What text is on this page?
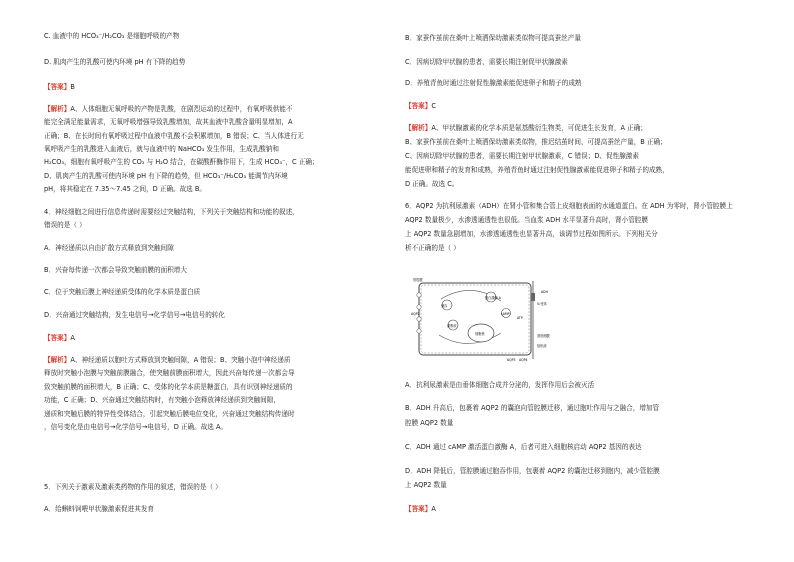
C. 血液中的 HCO₃⁻/H₂CO₃ 是细胞呼吸的产物

D. 肌肉产生的乳酸可使内环境 pH 有下降的趋势

【答案】B

【解析】A、人体细胞无氧呼吸的产物是乳酸，在剧烈运动的过程中，有氧呼吸供能不

能完全满足能量需求，无氧呼吸增强导致乳酸增加，故其血液中乳酸含量明显增加，A

正确；B、在长时间有氧呼吸过程中血液中乳酸不会积累增加，B 错误；C、当人体进行无

氧呼吸产生的乳酸进入血液后，就与血液中的 NaHCO₃ 发生作用，生成乳酸钠和

H₂CO₃，细胞有氧呼吸产生的 CO₂ 与 H₂O 结合，在碳酸酐酶作用下，生成 HCO₃⁻，C 正确；

D、肌肉产生的乳酸可使内环境 pH 有下降的趋势，但 HCO₃⁻/H₂CO₃ 能调节内环境

pH，将其稳定在 7.35～7.45 之间，D 正确。故选 B。

4．神经细胞之间进行信息传递时需要经过突触结构，下列关于突触结构和功能的叙述，

错误的是（ ）

A．神经递质以自由扩散方式释放到突触间隙

B．兴奋每传递一次都会导致突触前膜的面积增大

C．位于突触后膜上神经递质受体的化学本质是蛋白质

D．兴奋通过突触结构，发生电信号→化学信号→电信号的转化

【答案】A

【解析】A、神经递质以胞吐方式释放到突触间隙，A 错误；B、突触小泡中神经递质

释放时突触小泡膜与突触前膜融合，使突触前膜面积增大，因此兴奋每传递一次都会导

致突触前膜的面积增大，B 正确；C、受体的化学本质是糖蛋白，具有识别神经递质的

功能，C 正确；D、兴奋通过突触结构时，有突触小泡释放神经递质到突触间隙，

递质和突触后膜的特异性受体结合，引起突触后膜电位变化，兴奋通过突触结构传递时

，信号变化是由电信号→化学信号→电信号，D 正确。故选 A。

5．下列关于激素及激素类药物的作用的叙述，错误的是（ ）

A．给蝌蚪饲喂甲状腺激素促进其发育

B．家蚕作茧前在桑叶上喷洒保幼激素类似物可提高蚕丝产量

C．因病切除甲状腺的患者，需要长期注射促甲状腺激素

D．养殖青鱼时通过注射促性腺激素能促进卵子和精子的成熟

【答案】C

【解析】A、甲状腺激素的化学本质是氨基酸衍生物类，可促进生长发育，A 正确；

B、家蚕作茧前在桑叶上喷洒保幼激素类似物，推迟结茧时间，可提高蚕丝产量，B 正确；

C、因病切除甲状腺的患者，需要长期注射甲状腺激素，C 错误；D、促性腺激素

能促进卵和精子的发育和成熟，养殖青鱼时通过注射促性腺激素能促进卵子和精子的成熟，

D 正确。故选 C。

6．AQP2 为抗利尿激素（ADH）在肾小管和集合管上皮细胞表面的水通道蛋白。在 ADH 为零时，肾小管腔膜上

AQP2 数量极少，水渗透通透性也很低。当血浆 ADH 水平显著升高时，肾小管腔膜

上 AQP2 数量急剧增加，水渗透通透性也显著升高，该调节过程如图所示。下列相关分

析不正确的是（ ）

A．抗利尿激素是由垂体细胞合成并分泌的，发挥作用后会被灭活

B．ADH 升高后，包裹着 AQP2 的囊泡向管腔膜迁移，通过胞吐作用与之融合，增加管

腔膜 AQP2 数量

C．ADH 通过 cAMP 激活蛋白激酶 A，后者可进入细胞核启动 AQP2 基因的表达

D．ADH 降低后，管腔膜通过胞吞作用，包裹着 AQP2 的囊泡迁移到胞内，减少管腔膜

上 AQP2 数量

【答案】A

管腔膜
基底侧膜
蛋白激酶 A
cAMP
ATP
ADH
V₂受体
AQP2
储存
重吸收
组织液
细胞核
AQP3 AQP4
